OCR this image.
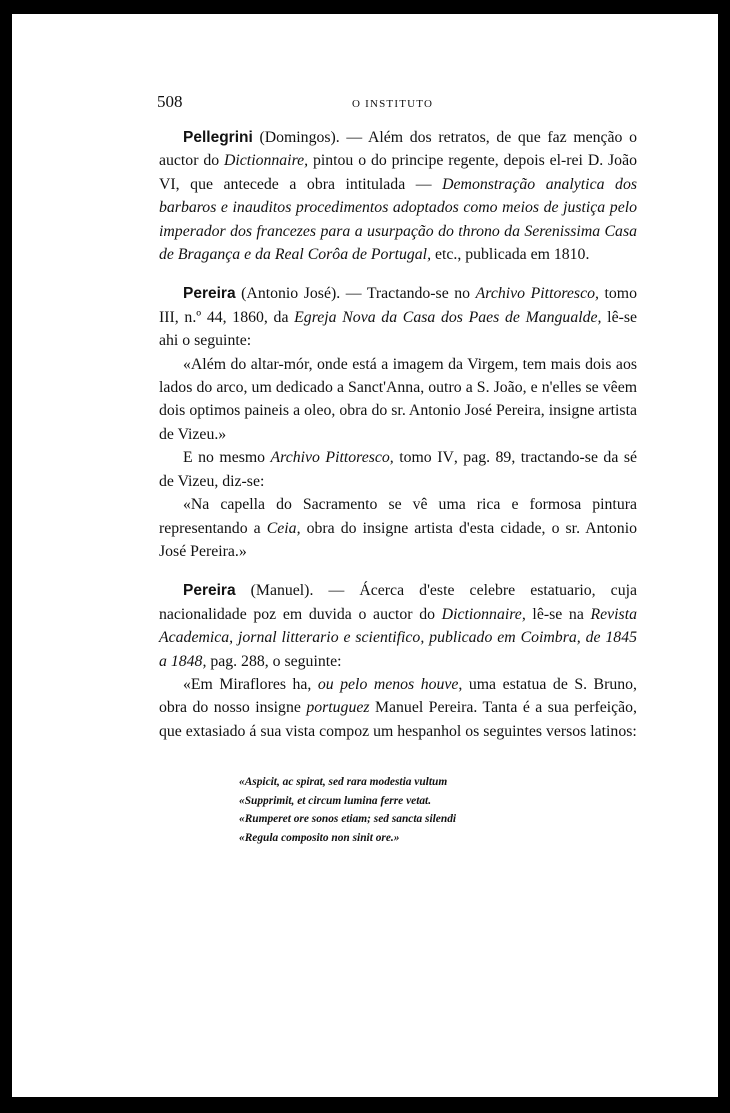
508	O INSTITUTO

Pellegrini (Domingos). — Além dos retratos, de que faz menção o auctor do Dictionnaire, pintou o do principe regente, depois el-rei D. João VI, que antecede a obra intitulada — Demonstração analytica dos barbaros e inauditos procedimentos adoptados como meios de justiça pelo imperador dos francezes para a usurpação do throno da Serenissima Casa de Bragança e da Real Corôa de Portugal, etc., publicada em 1810.

Pereira (Antonio José). — Tractando-se no Archivo Pittoresco, tomo III, n.º 44, 1860, da Egreja Nova da Casa dos Paes de Mangualde, lê-se ahi o seguinte:

«Além do altar-mór, onde está a imagem da Virgem, tem mais dois aos lados do arco, um dedicado a Sanct'Anna, outro a S. João, e n'elles se vêem dois optimos paineis a oleo, obra do sr. Antonio José Pereira, insigne artista de Vizeu.»

E no mesmo Archivo Pittoresco, tomo IV, pag. 89, tractando-se da sé de Vizeu, diz-se:

«Na capella do Sacramento se vê uma rica e formosa pintura representando a Ceia, obra do insigne artista d'esta cidade, o sr. Antonio José Pereira.»

Pereira (Manuel). — Ácerca d'este celebre estatuario, cuja nacionalidade poz em duvida o auctor do Dictionnaire, lê-se na Revista Academica, jornal litterario e scientifico, publicado em Coimbra, de 1845 a 1848, pag. 288, o seguinte:

«Em Miraflores ha, ou pelo menos houve, uma estatua de S. Bruno, obra do nosso insigne portuguez Manuel Pereira. Tanta é a sua perfeição, que extasiado á sua vista compoz um hespanhol os seguintes versos latinos:

«Aspicit, ac spirat, sed rara modestia vultum
«Supprimit, et circum lumina ferre vetat.
«Rumperet ore sonos etiam; sed sancta silendi
«Regula composito non sinit ore.»
